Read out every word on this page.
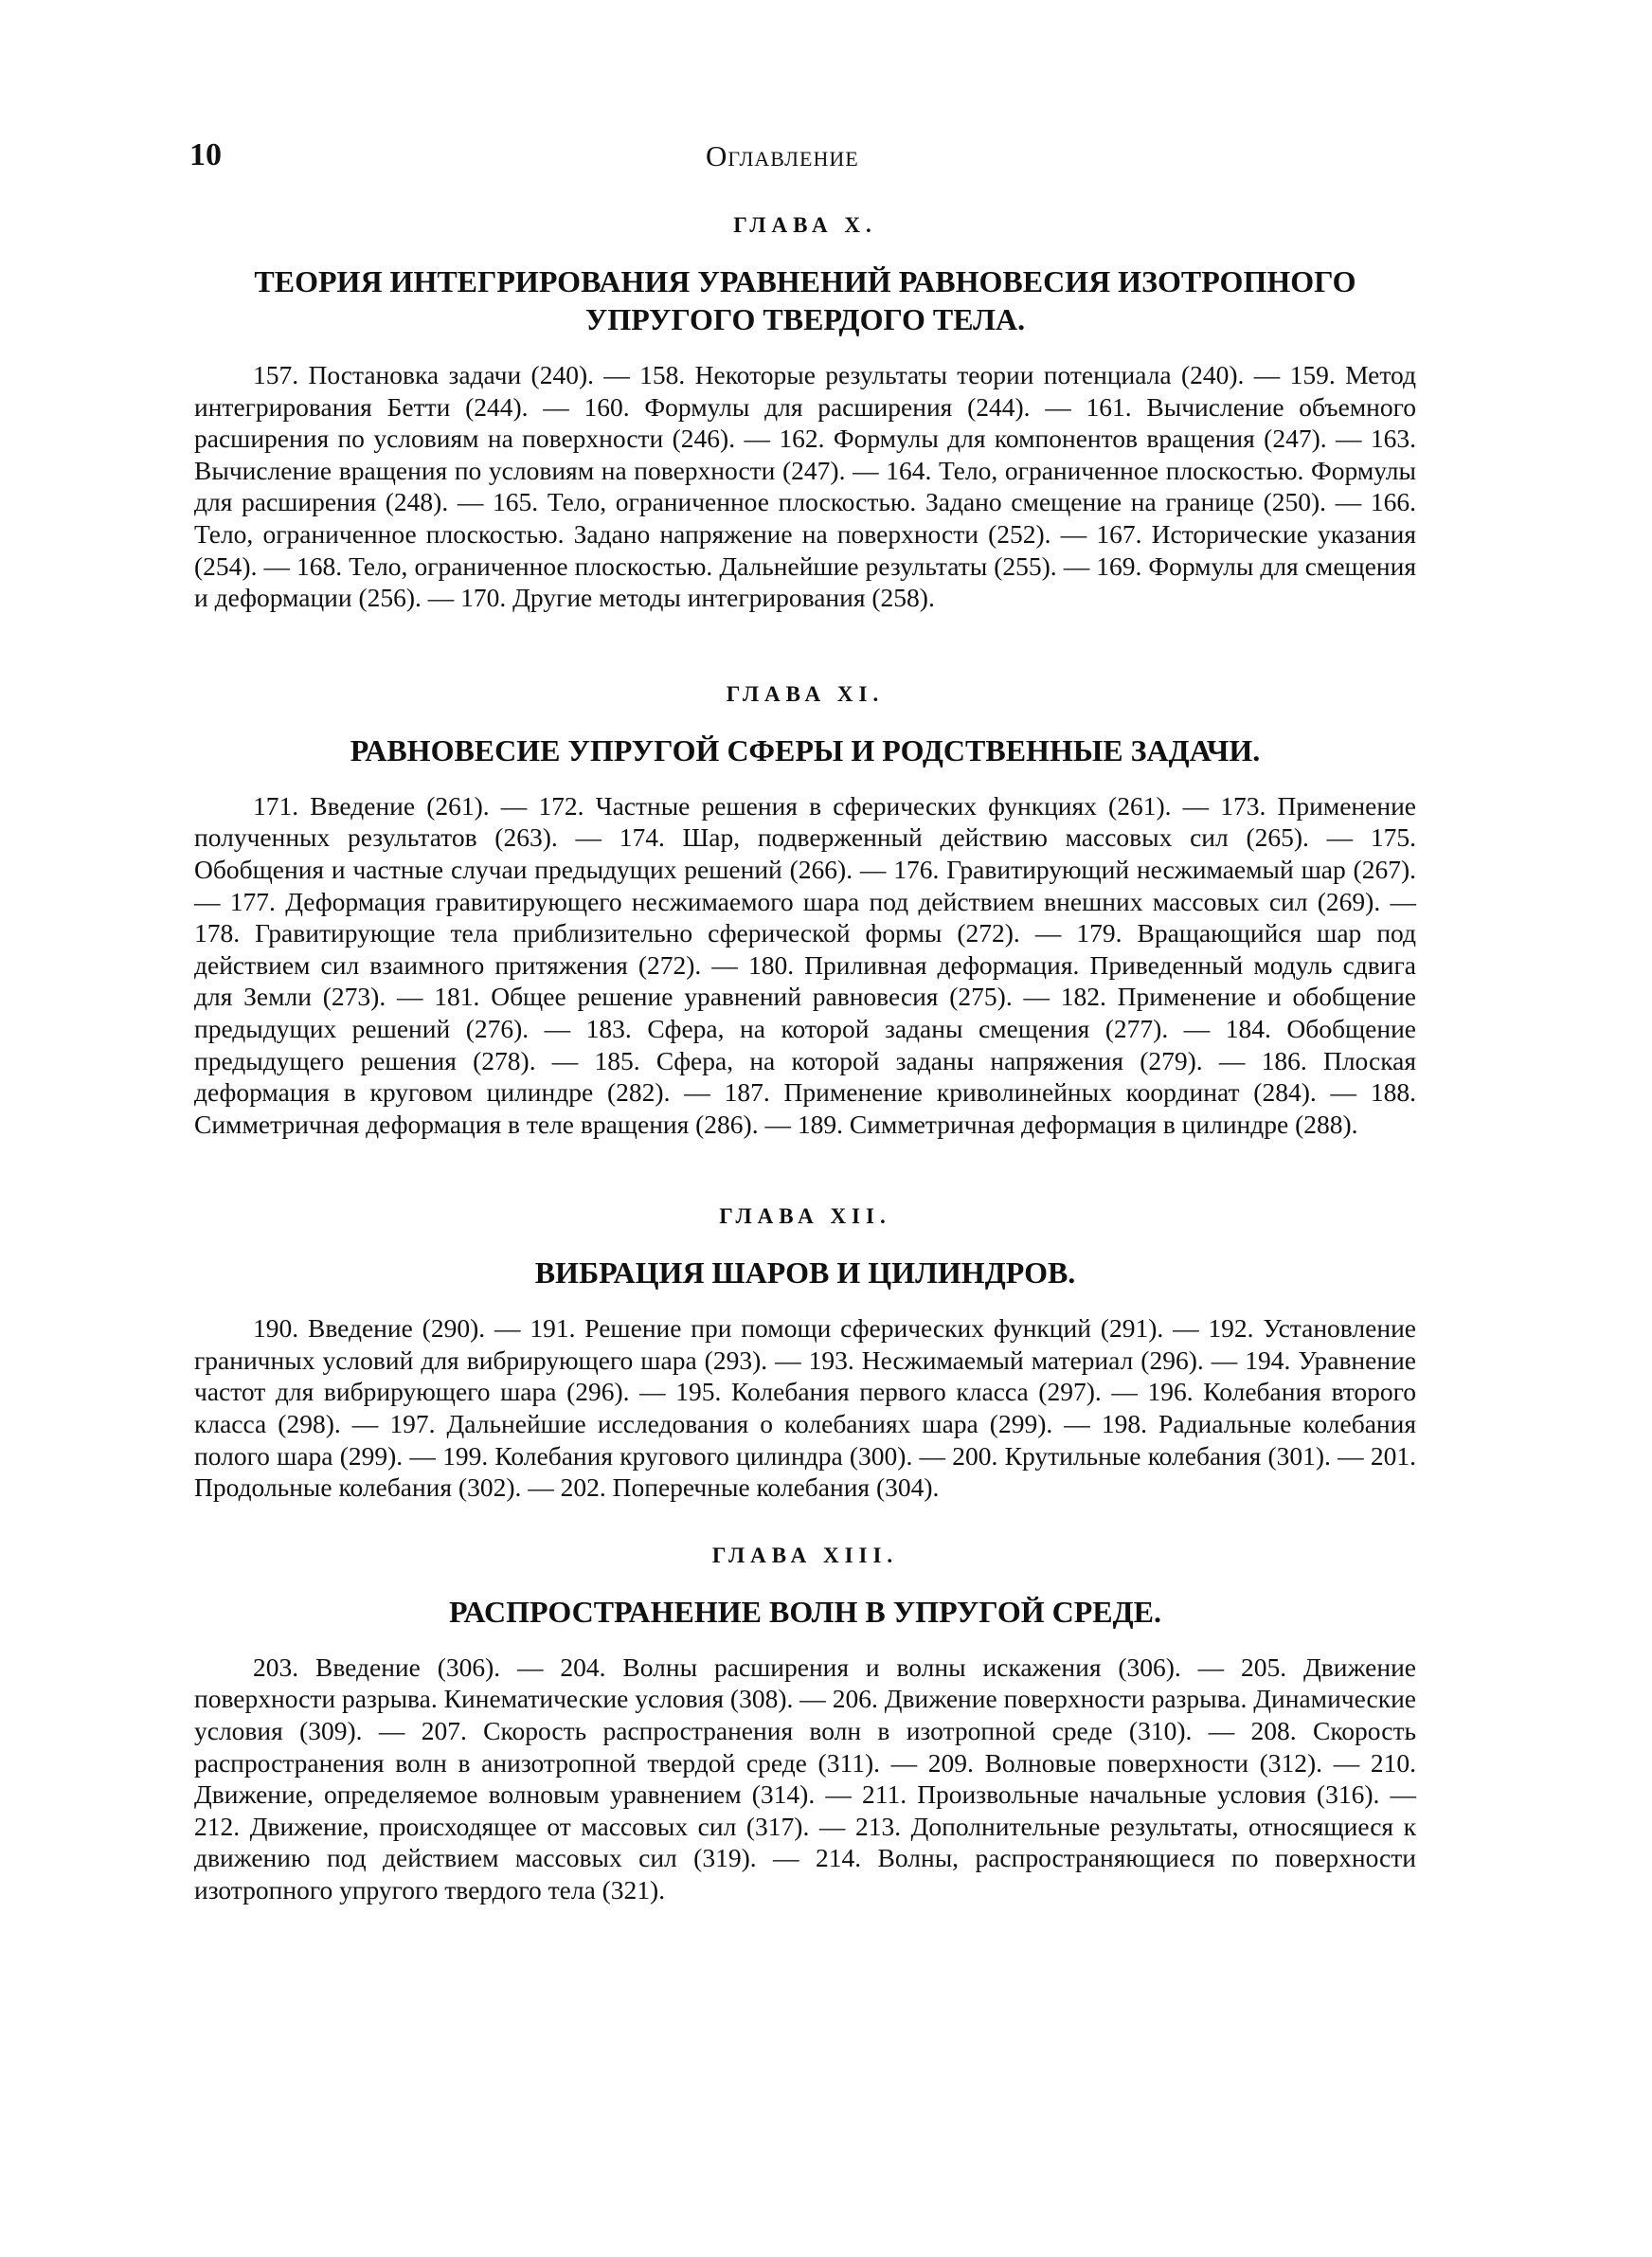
10	Оглавление
ГЛАВА X.
ТЕОРИЯ ИНТЕГРИРОВАНИЯ УРАВНЕНИЙ РАВНОВЕСИЯ ИЗОТРОПНОГО УПРУГОГО ТВЕРДОГО ТЕЛА.

157. Постановка задачи (240). — 158. Некоторые результаты теории потенциала (240). — 159. Метод интегрирования Бетти (244). — 160. Формулы для расширения (244). — 161. Вычисление объемного расширения по условиям на поверхности (246). — 162. Формулы для компонентов вращения (247). — 163. Вычисление вращения по условиям на поверхности (247). — 164. Тело, ограниченное плоскостью. Формулы для расширения (248). — 165. Тело, ограниченное плоскостью. Задано смещение на границе (250). — 166. Тело, ограниченное плоскостью. Задано напряжение на поверхности (252). — 167. Исторические указания (254). — 168. Тело, ограниченное плоскостью. Дальнейшие результаты (255). — 169. Формулы для смещения и деформации (256). — 170. Другие методы интегрирования (258).

ГЛАВА XI.
РАВНОВЕСИЕ УПРУГОЙ СФЕРЫ И РОДСТВЕННЫЕ ЗАДАЧИ.

171. Введение (261). — 172. Частные решения в сферических функциях (261). — 173. Применение полученных результатов (263). — 174. Шар, подверженный действию массовых сил (265). — 175. Обобщения и частные случаи предыдущих решений (266). — 176. Гравитирующий несжимаемый шар (267). — 177. Деформация гравитирующего несжимаемого шара под действием внешних массовых сил (269). — 178. Гравитирующие тела приблизительно сферической формы (272). — 179. Вращающийся шар под действием сил взаимного притяжения (272). — 180. Приливная деформация. Приведенный модуль сдвига для Земли (273). — 181. Общее решение уравнений равновесия (275). — 182. Применение и обобщение предыдущих решений (276). — 183. Сфера, на которой заданы смещения (277). — 184. Обобщение предыдущего решения (278). — 185. Сфера, на которой заданы напряжения (279). — 186. Плоская деформация в круговом цилиндре (282). — 187. Применение криволинейных координат (284). — 188. Симметричная деформация в теле вращения (286). — 189. Симметричная деформация в цилиндре (288).

ГЛАВА XII.
ВИБРАЦИЯ ШАРОВ И ЦИЛИНДРОВ.

190. Введение (290). — 191. Решение при помощи сферических функций (291). — 192. Установление граничных условий для вибрирующего шара (293). — 193. Несжимаемый материал (296). — 194. Уравнение частот для вибрирующего шара (296). — 195. Колебания первого класса (297). — 196. Колебания второго класса (298). — 197. Дальнейшие исследования о колебаниях шара (299). — 198. Радиальные колебания полого шара (299). — 199. Колебания кругового цилиндра (300). — 200. Крутильные колебания (301). — 201. Продольные колебания (302). — 202. Поперечные колебания (304).

ГЛАВА XIII.
РАСПРОСТРАНЕНИЕ ВОЛН В УПРУГОЙ СРЕДЕ.

203. Введение (306). — 204. Волны расширения и волны искажения (306). — 205. Движение поверхности разрыва. Кинематические условия (308). — 206. Движение поверхности разрыва. Динамические условия (309). — 207. Скорость распространения волн в изотропной среде (310). — 208. Скорость распространения волн в анизотропной твердой среде (311). — 209. Волновые поверхности (312). — 210. Движение, определяемое волновым уравнением (314). — 211. Произвольные начальные условия (316). — 212. Движение, происходящее от массовых сил (317). — 213. Дополнительные результаты, относящиеся к движению под действием массовых сил (319). — 214. Волны, распространяющиеся по поверхности изотропного упругого твердого тела (321).
